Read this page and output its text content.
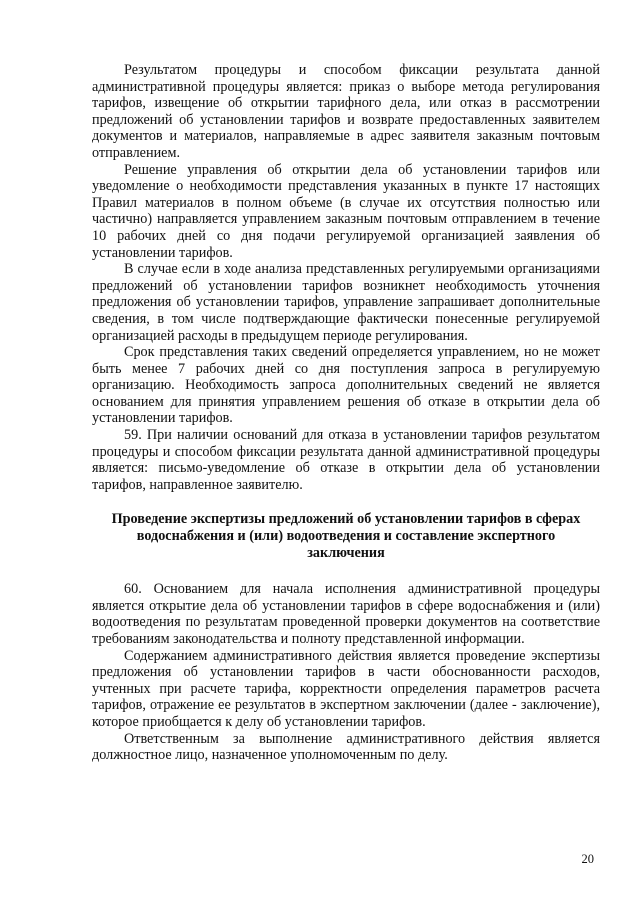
Результатом процедуры и способом фиксации результата данной административной процедуры является: приказ о выборе метода регулирования тарифов, извещение об открытии тарифного дела, или отказ в рассмотрении предложений об установлении тарифов и возврате предоставленных заявителем документов и материалов, направляемые в адрес заявителя заказным почтовым отправлением.

Решение управления об открытии дела об установлении тарифов или уведомление о необходимости представления указанных в пункте 17 настоящих Правил материалов в полном объеме (в случае их отсутствия полностью или частично) направляется управлением заказным почтовым отправлением в течение 10 рабочих дней со дня подачи регулируемой организацией заявления об установлении тарифов.

В случае если в ходе анализа представленных регулируемыми организациями предложений об установлении тарифов возникнет необходимость уточнения предложения об установлении тарифов, управление запрашивает дополнительные сведения, в том числе подтверждающие фактически понесенные регулируемой организацией расходы в предыдущем периоде регулирования.

Срок представления таких сведений определяется управлением, но не может быть менее 7 рабочих дней со дня поступления запроса в регулируемую организацию. Необходимость запроса дополнительных сведений не является основанием для принятия управлением решения об отказе в открытии дела об установлении тарифов.

59. При наличии оснований для отказа в установлении тарифов результатом процедуры и способом фиксации результата данной административной процедуры является: письмо-уведомление об отказе в открытии дела об установлении тарифов, направленное заявителю.

Проведение экспертизы предложений об установлении тарифов в сферах водоснабжения и (или) водоотведения и составление экспертного заключения

60. Основанием для начала исполнения административной процедуры является открытие дела об установлении тарифов в сфере водоснабжения и (или) водоотведения по результатам проведенной проверки документов на соответствие требованиям законодательства и полноту представленной информации.

Содержанием административного действия является проведение экспертизы предложения об установлении тарифов в части обоснованности расходов, учтенных при расчете тарифа, корректности определения параметров расчета тарифов, отражение ее результатов в экспертном заключении (далее - заключение), которое приобщается к делу об установлении тарифов.

Ответственным за выполнение административного действия является должностное лицо, назначенное уполномоченным по делу.

20
